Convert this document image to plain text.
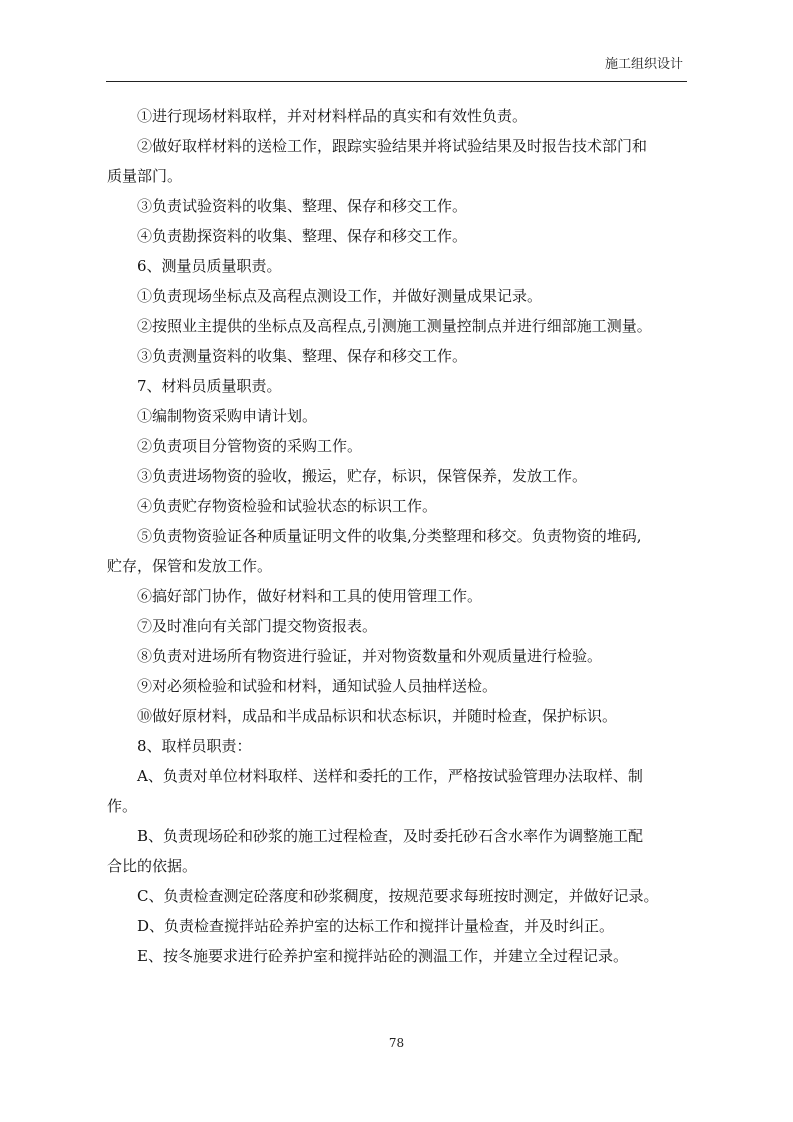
施工组织设计
①进行现场材料取样，并对材料样品的真实和有效性负责。
②做好取样材料的送检工作，跟踪实验结果并将试验结果及时报告技术部门和
质量部门。
③负责试验资料的收集、整理、保存和移交工作。
④负责勘探资料的收集、整理、保存和移交工作。
6、测量员质量职责。
①负责现场坐标点及高程点测设工作，并做好测量成果记录。
②按照业主提供的坐标点及高程点,引测施工测量控制点并进行细部施工测量。
③负责测量资料的收集、整理、保存和移交工作。
7、材料员质量职责。
①编制物资采购申请计划。
②负责项目分管物资的采购工作。
③负责进场物资的验收，搬运，贮存，标识，保管保养，发放工作。
④负责贮存物资检验和试验状态的标识工作。
⑤负责物资验证各种质量证明文件的收集,分类整理和移交。负责物资的堆码,
贮存，保管和发放工作。
⑥搞好部门协作，做好材料和工具的使用管理工作。
⑦及时准向有关部门提交物资报表。
⑧负责对进场所有物资进行验证，并对物资数量和外观质量进行检验。
⑨对必须检验和试验和材料，通知试验人员抽样送检。
⑩做好原材料，成品和半成品标识和状态标识，并随时检查，保护标识。
8、取样员职责：
A、负责对单位材料取样、送样和委托的工作，严格按试验管理办法取样、制
作。
B、负责现场砼和砂浆的施工过程检查，及时委托砂石含水率作为调整施工配
合比的依据。
C、负责检查测定砼落度和砂浆稠度，按规范要求每班按时测定，并做好记录。
D、负责检查搅拌站砼养护室的达标工作和搅拌计量检查，并及时纠正。
E、按冬施要求进行砼养护室和搅拌站砼的测温工作，并建立全过程记录。
78
